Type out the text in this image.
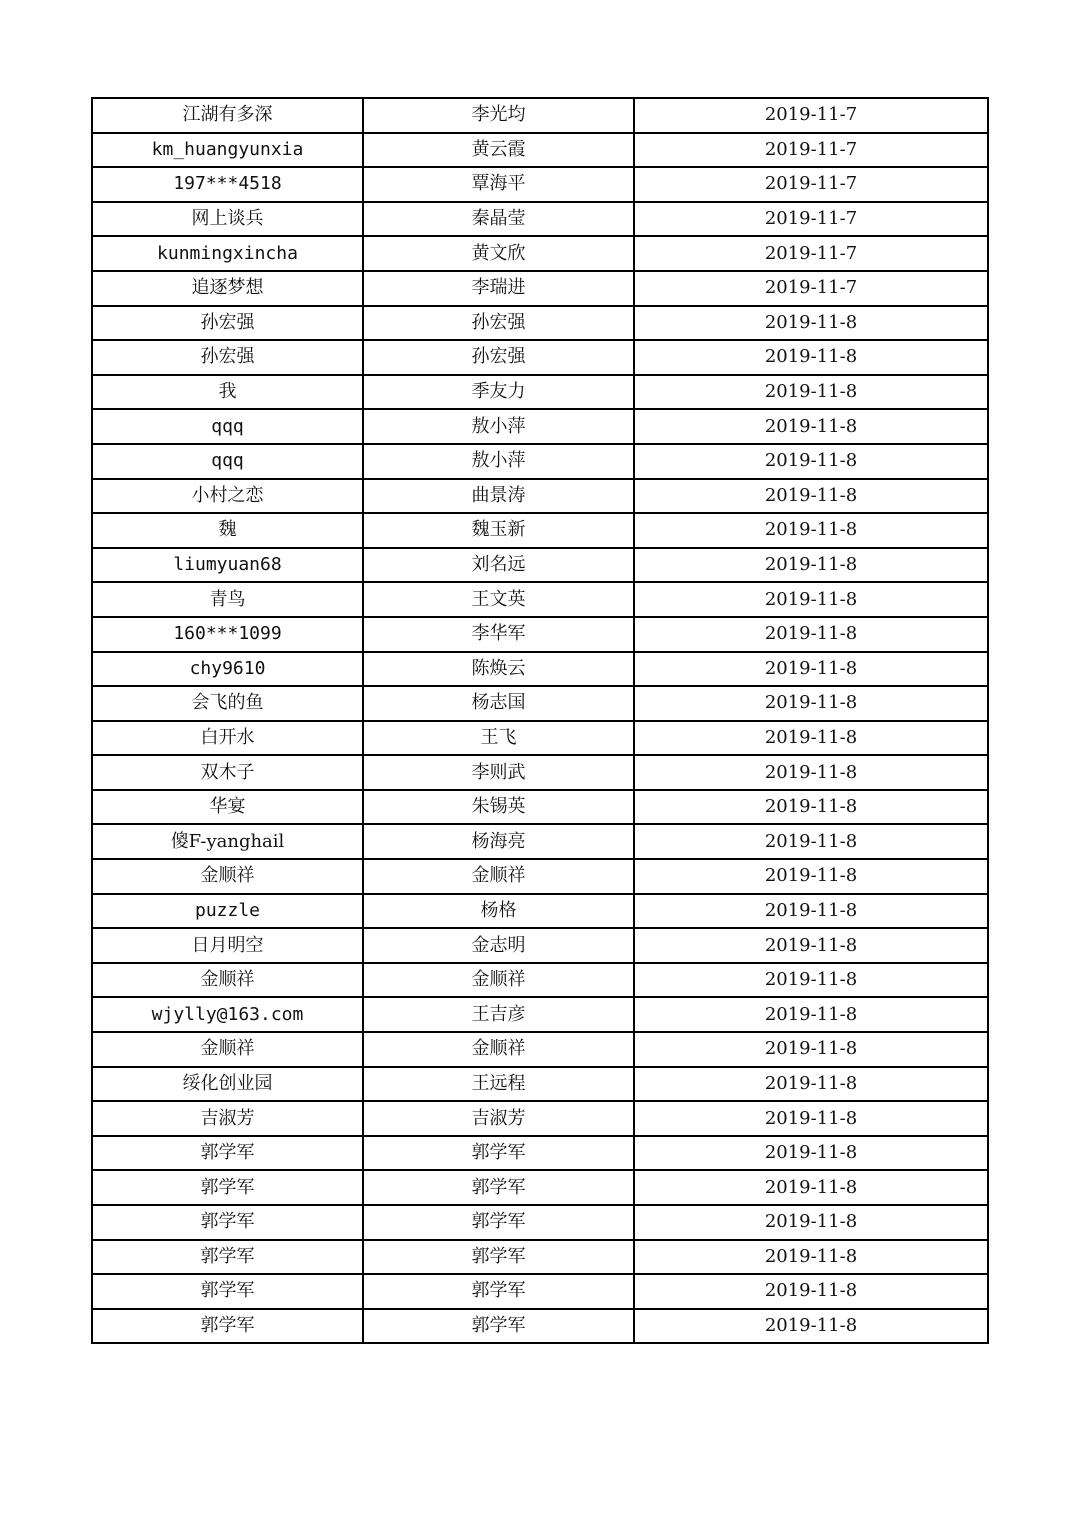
江湖有多深	李光均	2019-11-7
km_huangyunxia	黄云霞	2019-11-7
197***4518	覃海平	2019-11-7
网上谈兵	秦晶莹	2019-11-7
kunmingxincha	黄文欣	2019-11-7
追逐梦想	李瑞进	2019-11-7
孙宏强	孙宏强	2019-11-8
孙宏强	孙宏强	2019-11-8
我	季友力	2019-11-8
qqq	敖小萍	2019-11-8
qqq	敖小萍	2019-11-8
小村之恋	曲景涛	2019-11-8
魏	魏玉新	2019-11-8
liumyuan68	刘名远	2019-11-8
青鸟	王文英	2019-11-8
160***1099	李华军	2019-11-8
chy9610	陈焕云	2019-11-8
会飞的鱼	杨志国	2019-11-8
白开水	王飞	2019-11-8
双木子	李则武	2019-11-8
华宴	朱锡英	2019-11-8
傻F-yanghail	杨海亮	2019-11-8
金顺祥	金顺祥	2019-11-8
puzzle	杨格	2019-11-8
日月明空	金志明	2019-11-8
金顺祥	金顺祥	2019-11-8
wjylly@163.com	王吉彦	2019-11-8
金顺祥	金顺祥	2019-11-8
绥化创业园	王远程	2019-11-8
吉淑芳	吉淑芳	2019-11-8
郭学军	郭学军	2019-11-8
郭学军	郭学军	2019-11-8
郭学军	郭学军	2019-11-8
郭学军	郭学军	2019-11-8
郭学军	郭学军	2019-11-8
郭学军	郭学军	2019-11-8
